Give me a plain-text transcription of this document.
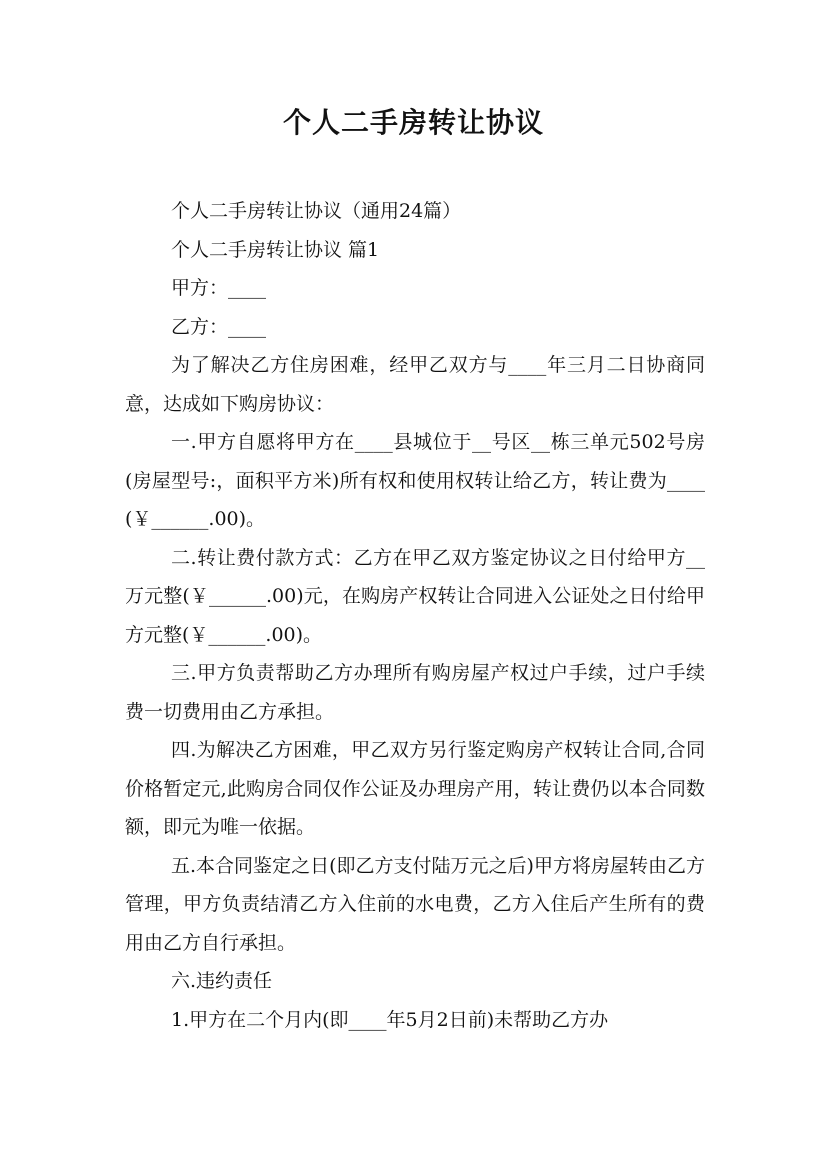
个人二手房转让协议

个人二手房转让协议（通用24篇）

个人二手房转让协议 篇1

甲方：____

乙方：____

为了解决乙方住房困难，经甲乙双方与____年三月二日协商同意，达成如下购房协议：

一.甲方自愿将甲方在____县城位于__号区__栋三单元502号房(房屋型号:，面积平方米)所有权和使用权转让给乙方，转让费为____(￥______.00)。

二.转让费付款方式：乙方在甲乙双方鉴定协议之日付给甲方__万元整(￥______.00)元，在购房产权转让合同进入公证处之日付给甲方元整(￥______.00)。

三.甲方负责帮助乙方办理所有购房屋产权过户手续，过户手续费一切费用由乙方承担。

四.为解决乙方困难，甲乙双方另行鉴定购房产权转让合同,合同价格暂定元,此购房合同仅作公证及办理房产用，转让费仍以本合同数额，即元为唯一依据。

五.本合同鉴定之日(即乙方支付陆万元之后)甲方将房屋转由乙方管理，甲方负责结清乙方入住前的水电费，乙方入住后产生所有的费用由乙方自行承担。

六.违约责任

1.甲方在二个月内(即____年5月2日前)未帮助乙方办
